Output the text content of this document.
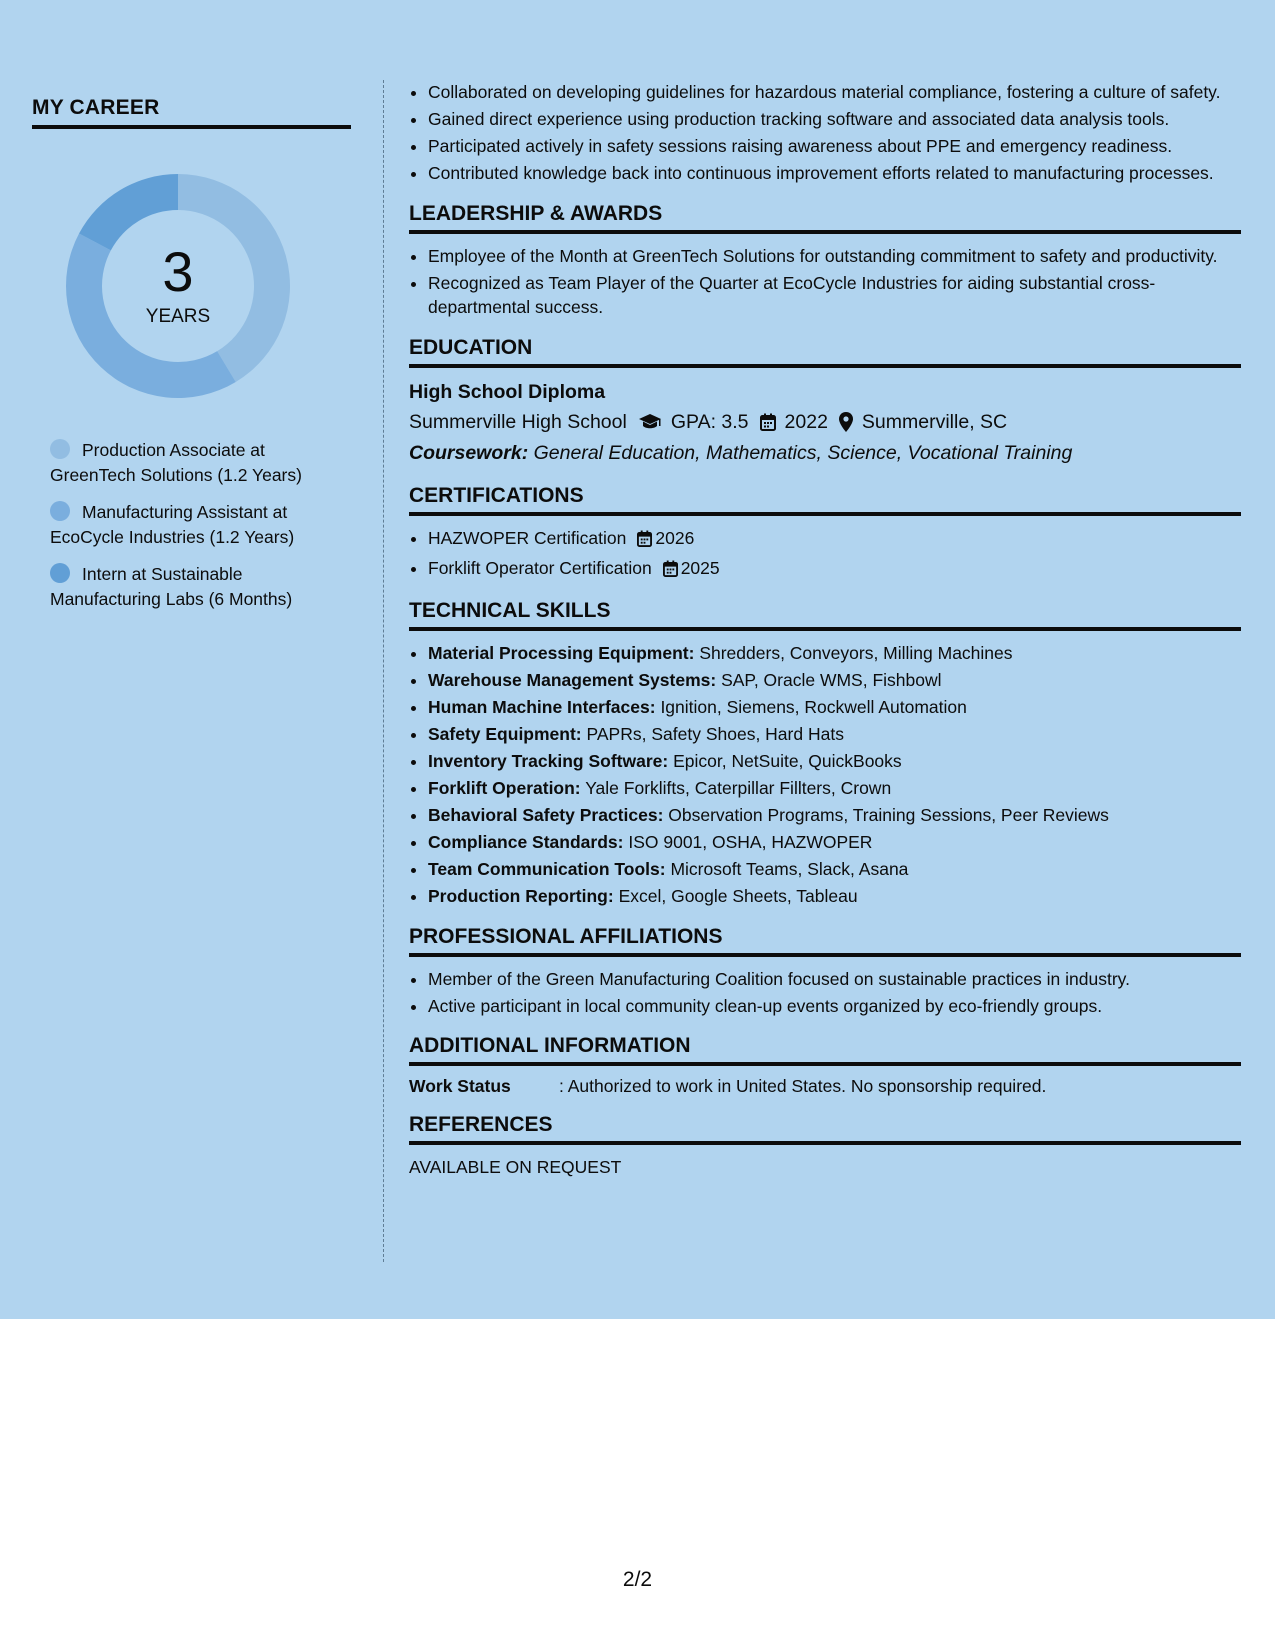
MY CAREER
3
YEARS
Production Associate at GreenTech Solutions (1.2 Years)
Manufacturing Assistant at EcoCycle Industries (1.2 Years)
Intern at Sustainable Manufacturing Labs (6 Months)
• Collaborated on developing guidelines for hazardous material compliance, fostering a culture of safety.
• Gained direct experience using production tracking software and associated data analysis tools.
• Participated actively in safety sessions raising awareness about PPE and emergency readiness.
• Contributed knowledge back into continuous improvement efforts related to manufacturing processes.
LEADERSHIP & AWARDS
• Employee of the Month at GreenTech Solutions for outstanding commitment to safety and productivity.
• Recognized as Team Player of the Quarter at EcoCycle Industries for aiding substantial cross-departmental success.
EDUCATION
High School Diploma
Summerville High School GPA: 3.5 2022 Summerville, SC
Coursework: General Education, Mathematics, Science, Vocational Training
CERTIFICATIONS
• HAZWOPER Certification 2026
• Forklift Operator Certification 2025
TECHNICAL SKILLS
• Material Processing Equipment: Shredders, Conveyors, Milling Machines
• Warehouse Management Systems: SAP, Oracle WMS, Fishbowl
• Human Machine Interfaces: Ignition, Siemens, Rockwell Automation
• Safety Equipment: PAPRs, Safety Shoes, Hard Hats
• Inventory Tracking Software: Epicor, NetSuite, QuickBooks
• Forklift Operation: Yale Forklifts, Caterpillar Fillters, Crown
• Behavioral Safety Practices: Observation Programs, Training Sessions, Peer Reviews
• Compliance Standards: ISO 9001, OSHA, HAZWOPER
• Team Communication Tools: Microsoft Teams, Slack, Asana
• Production Reporting: Excel, Google Sheets, Tableau
PROFESSIONAL AFFILIATIONS
• Member of the Green Manufacturing Coalition focused on sustainable practices in industry.
• Active participant in local community clean-up events organized by eco-friendly groups.
ADDITIONAL INFORMATION
Work Status	: Authorized to work in United States. No sponsorship required.
REFERENCES
AVAILABLE ON REQUEST
2/2
